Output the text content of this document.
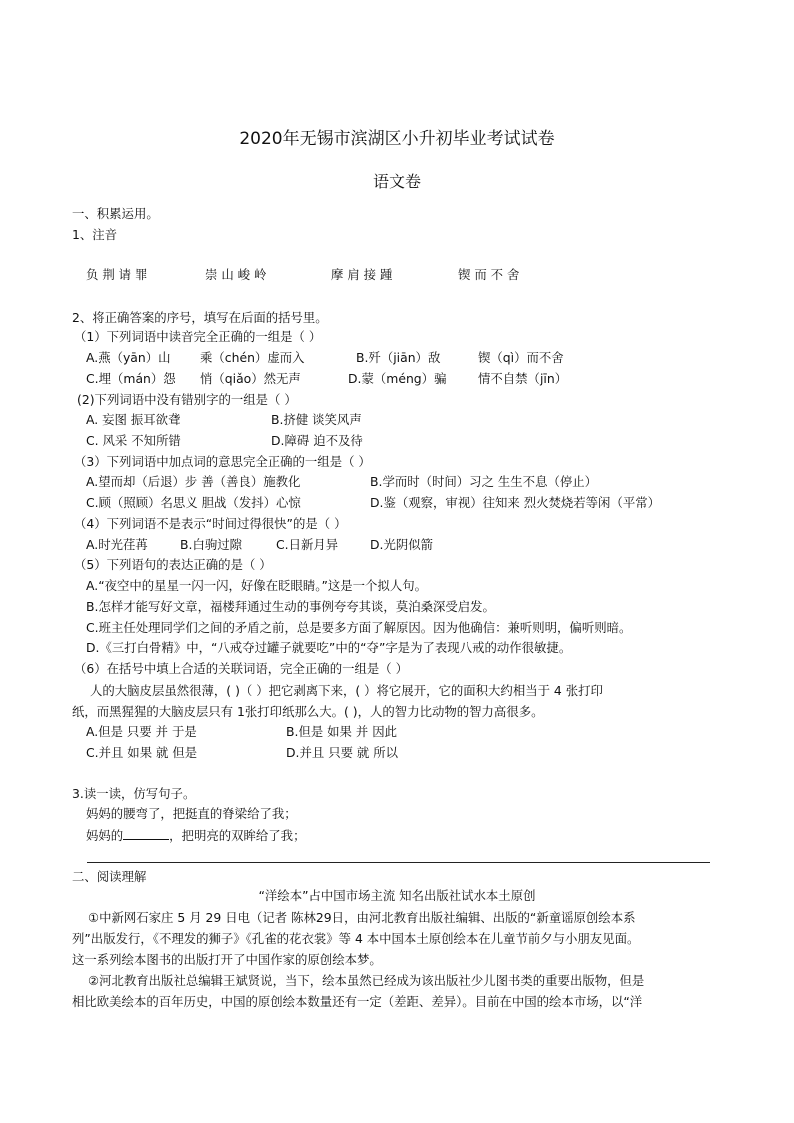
2020年无锡市滨湖区小升初毕业考试试卷
语文卷
一、积累运用。
1、注音
负 荆 请 罪	崇 山 峻 岭	摩 肩 接 踵	锲 而 不 舍
2、将正确答案的序号，填写在后面的括号里。
（1）下列词语中读音完全正确的一组是（ ）
A.燕（yān）山 乘（chén）虚而入	B.歼（jiān）敌	锲（qì）而不舍
C.埋（mán）怨 悄（qiǎo）然无声	D.蒙（méng）骗	情不自禁（jīn）
(2)下列词语中没有错别字的一组是（ ）
A. 妄图 振耳欲聋	B.挤健 谈笑风声
C. 风采 不知所错	D.障碍 迫不及待
（3）下列词语中加点词的意思完全正确的一组是（ ）
A.望而却（后退）步 善（善良）施教化	B.学而时（时间）习之 生生不息（停止）
C.顾（照顾）名思义 胆战（发抖）心惊	D.鉴（观察，审视）往知来 烈火焚烧若等闲（平常）
（4）下列词语不是表示“时间过得很快”的是（ ）
A.时光荏苒	B.白驹过隙	C.日新月异	D.光阴似箭
（5）下列语句的表达正确的是（ ）
A.“夜空中的星星一闪一闪，好像在眨眼睛。”这是一个拟人句。
B.怎样才能写好文章，福楼拜通过生动的事例夸夸其谈，莫泊桑深受启发。
C.班主任处理同学们之间的矛盾之前，总是要多方面了解原因。因为他确信：兼听则明，偏听则暗。
D.《三打白骨精》中，“八戒夺过罐子就要吃”中的“夺”字是为了表现八戒的动作很敏捷。
（6）在括号中填上合适的关联词语，完全正确的一组是（ ）
人的大脑皮层虽然很薄，( )（ ）把它剥离下来，( ）将它展开，它的面积大约相当于 4 张打印
纸，而黑猩猩的大脑皮层只有 1张打印纸那么大。( )，人的智力比动物的智力高很多。
A.但是 只要 并 于是	B.但是 如果 并 因此
C.并且 如果 就 但是	D.并且 只要 就 所以
3.读一读，仿写句子。
妈妈的腰弯了，把挺直的脊梁给了我；
妈妈的	，把明亮的双眸给了我；
二、阅读理解
“洋绘本”占中国市场主流 知名出版社试水本土原创
①中新网石家庄 5 月 29 日电（记者 陈林29日，由河北教育出版社编辑、出版的“新童谣原创绘本系
列”出版发行，《不理发的狮子》《孔雀的花衣裳》等 4 本中国本土原创绘本在儿童节前夕与小朋友见面。
这一系列绘本图书的出版打开了中国作家的原创绘本梦。
②河北教育出版社总编辑王斌贤说，当下，绘本虽然已经成为该出版社少儿图书类的重要出版物，但是
相比欧美绘本的百年历史，中国的原创绘本数量还有一定（差距、差异）。目前在中国的绘本市场，以“洋
